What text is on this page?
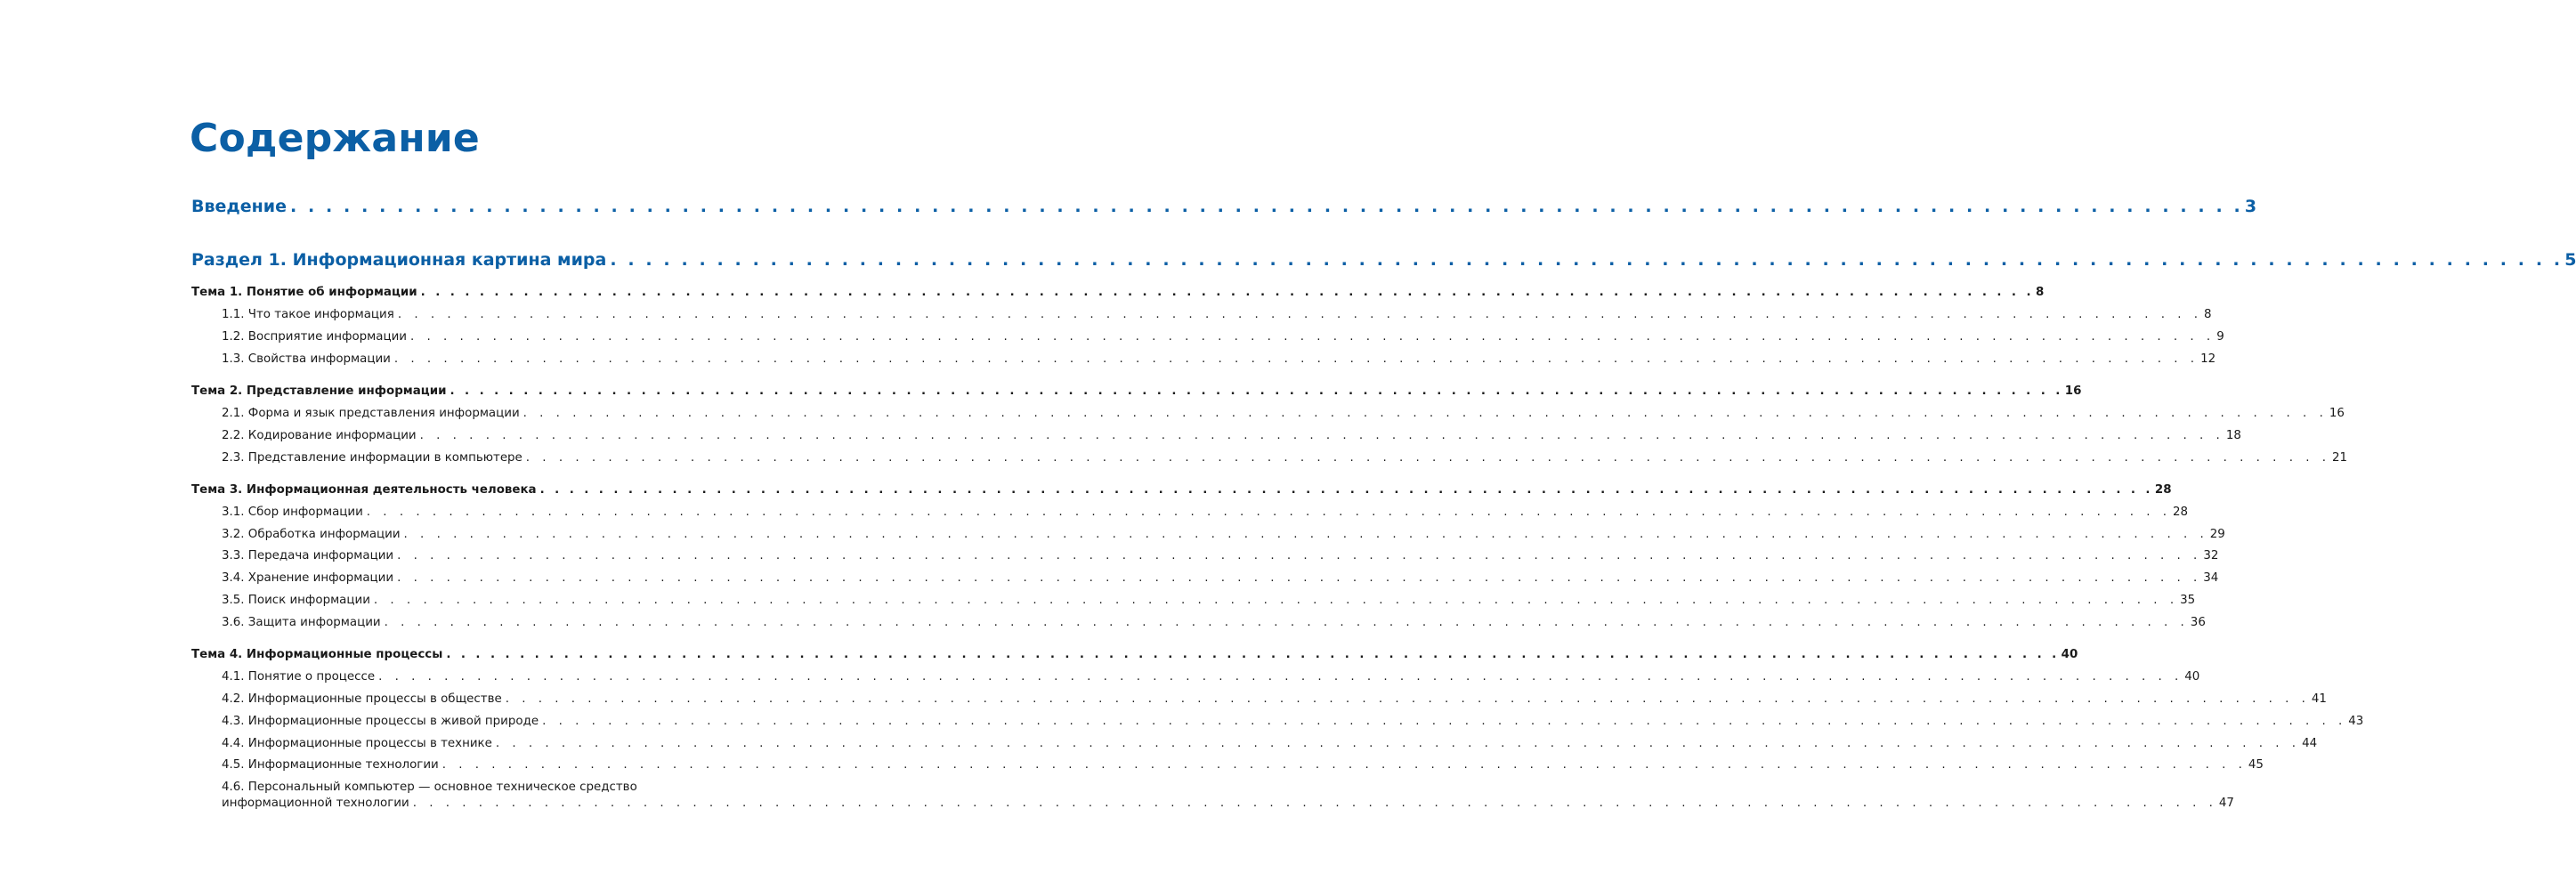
Содержание
Введение . . . . . . . . . . . . . . . . . . . . . . . . . . . . . . . . . . . . . . . . . . . . . . . . . . . . . . . . . . . . . . . . . . . . . . . . . . . . . . . . . . . . . . . . . . . . . . . . . . . . . . . . . . . . . . 3
Раздел 1. Информационная картина мира . . . . . . . . . . . . . . . . . . . . . . . . . . . . . . . . . . . . . . . . . . . . . . . . . . . . . . . . . . . . . . . . . . . . . . . . . . . . . . . . . . . . . . . . . . . . . . . . . . . . . . . . . . . . . . 5
Тема 1. Понятие об информации . . . . . . . . . . . . . . . . . . . . . . . . . . . . . . . . . . . . . . . . . . . . . . . . . . . . . . . . . . . . . . . . . . . . . . . . . . . . . . . . . . . . . . . . . . . . . . . . . . . . . . . . . . . . . . 8
1.1. Что такое информация . . . . . . . . . . . . . . . . . . . . . . . . . . . . . . . . . . . . . . . . . . . . . . . . . . . . . . . . . . . . . . . . . . . . . . . . . . . . . . . . . . . . . . . . . . . . . . . . . . . . . . . . . . . . . . 8
1.2. Восприятие информации . . . . . . . . . . . . . . . . . . . . . . . . . . . . . . . . . . . . . . . . . . . . . . . . . . . . . . . . . . . . . . . . . . . . . . . . . . . . . . . . . . . . . . . . . . . . . . . . . . . . . . . . . . . . . . 9
1.3. Свойства информации . . . . . . . . . . . . . . . . . . . . . . . . . . . . . . . . . . . . . . . . . . . . . . . . . . . . . . . . . . . . . . . . . . . . . . . . . . . . . . . . . . . . . . . . . . . . . . . . . . . . . . . . . . . . . . 12
Тема 2. Представление информации . . . . . . . . . . . . . . . . . . . . . . . . . . . . . . . . . . . . . . . . . . . . . . . . . . . . . . . . . . . . . . . . . . . . . . . . . . . . . . . . . . . . . . . . . . . . . . . . . . . . . . . . . . . . . . 16
2.1. Форма и язык представления информации . . . . . . . . . . . . . . . . . . . . . . . . . . . . . . . . . . . . . . . . . . . . . . . . . . . . . . . . . . . . . . . . . . . . . . . . . . . . . . . . . . . . . . . . . . . . . . . . . . . . . . . . . . . . . . 16
2.2. Кодирование информации . . . . . . . . . . . . . . . . . . . . . . . . . . . . . . . . . . . . . . . . . . . . . . . . . . . . . . . . . . . . . . . . . . . . . . . . . . . . . . . . . . . . . . . . . . . . . . . . . . . . . . . . . . . . . . 18
2.3. Представление информации в компьютере . . . . . . . . . . . . . . . . . . . . . . . . . . . . . . . . . . . . . . . . . . . . . . . . . . . . . . . . . . . . . . . . . . . . . . . . . . . . . . . . . . . . . . . . . . . . . . . . . . . . . . . . . . . . . . 21
Тема 3. Информационная деятельность человека . . . . . . . . . . . . . . . . . . . . . . . . . . . . . . . . . . . . . . . . . . . . . . . . . . . . . . . . . . . . . . . . . . . . . . . . . . . . . . . . . . . . . . . . . . . . . . . . . . . . . . . . . . . . . . 28
3.1. Сбор информации . . . . . . . . . . . . . . . . . . . . . . . . . . . . . . . . . . . . . . . . . . . . . . . . . . . . . . . . . . . . . . . . . . . . . . . . . . . . . . . . . . . . . . . . . . . . . . . . . . . . . . . . . . . . . . 28
3.2. Обработка информации . . . . . . . . . . . . . . . . . . . . . . . . . . . . . . . . . . . . . . . . . . . . . . . . . . . . . . . . . . . . . . . . . . . . . . . . . . . . . . . . . . . . . . . . . . . . . . . . . . . . . . . . . . . . . . 29
3.3. Передача информации . . . . . . . . . . . . . . . . . . . . . . . . . . . . . . . . . . . . . . . . . . . . . . . . . . . . . . . . . . . . . . . . . . . . . . . . . . . . . . . . . . . . . . . . . . . . . . . . . . . . . . . . . . . . . . 32
3.4. Хранение информации . . . . . . . . . . . . . . . . . . . . . . . . . . . . . . . . . . . . . . . . . . . . . . . . . . . . . . . . . . . . . . . . . . . . . . . . . . . . . . . . . . . . . . . . . . . . . . . . . . . . . . . . . . . . . . 34
3.5. Поиск информации . . . . . . . . . . . . . . . . . . . . . . . . . . . . . . . . . . . . . . . . . . . . . . . . . . . . . . . . . . . . . . . . . . . . . . . . . . . . . . . . . . . . . . . . . . . . . . . . . . . . . . . . . . . . . . 35
3.6. Защита информации . . . . . . . . . . . . . . . . . . . . . . . . . . . . . . . . . . . . . . . . . . . . . . . . . . . . . . . . . . . . . . . . . . . . . . . . . . . . . . . . . . . . . . . . . . . . . . . . . . . . . . . . . . . . . . 36
Тема 4. Информационные процессы . . . . . . . . . . . . . . . . . . . . . . . . . . . . . . . . . . . . . . . . . . . . . . . . . . . . . . . . . . . . . . . . . . . . . . . . . . . . . . . . . . . . . . . . . . . . . . . . . . . . . . . . . . . . . . 40
4.1. Понятие о процессе . . . . . . . . . . . . . . . . . . . . . . . . . . . . . . . . . . . . . . . . . . . . . . . . . . . . . . . . . . . . . . . . . . . . . . . . . . . . . . . . . . . . . . . . . . . . . . . . . . . . . . . . . . . . . . 40
4.2. Информационные процессы в обществе . . . . . . . . . . . . . . . . . . . . . . . . . . . . . . . . . . . . . . . . . . . . . . . . . . . . . . . . . . . . . . . . . . . . . . . . . . . . . . . . . . . . . . . . . . . . . . . . . . . . . . . . . . . . . . 41
4.3. Информационные процессы в живой природе . . . . . . . . . . . . . . . . . . . . . . . . . . . . . . . . . . . . . . . . . . . . . . . . . . . . . . . . . . . . . . . . . . . . . . . . . . . . . . . . . . . . . . . . . . . . . . . . . . . . . . . . . . . . . . 43
4.4. Информационные процессы в технике . . . . . . . . . . . . . . . . . . . . . . . . . . . . . . . . . . . . . . . . . . . . . . . . . . . . . . . . . . . . . . . . . . . . . . . . . . . . . . . . . . . . . . . . . . . . . . . . . . . . . . . . . . . . . . 44
4.5. Информационные технологии . . . . . . . . . . . . . . . . . . . . . . . . . . . . . . . . . . . . . . . . . . . . . . . . . . . . . . . . . . . . . . . . . . . . . . . . . . . . . . . . . . . . . . . . . . . . . . . . . . . . . . . . . . . . . . 45
4.6. Персональный компьютер — основное техническое средство
информационной технологии . . . . . . . . . . . . . . . . . . . . . . . . . . . . . . . . . . . . . . . . . . . . . . . . . . . . . . . . . . . . . . . . . . . . . . . . . . . . . . . . . . . . . . . . . . . . . . . . . . . . . . . . . . . . . . 47
